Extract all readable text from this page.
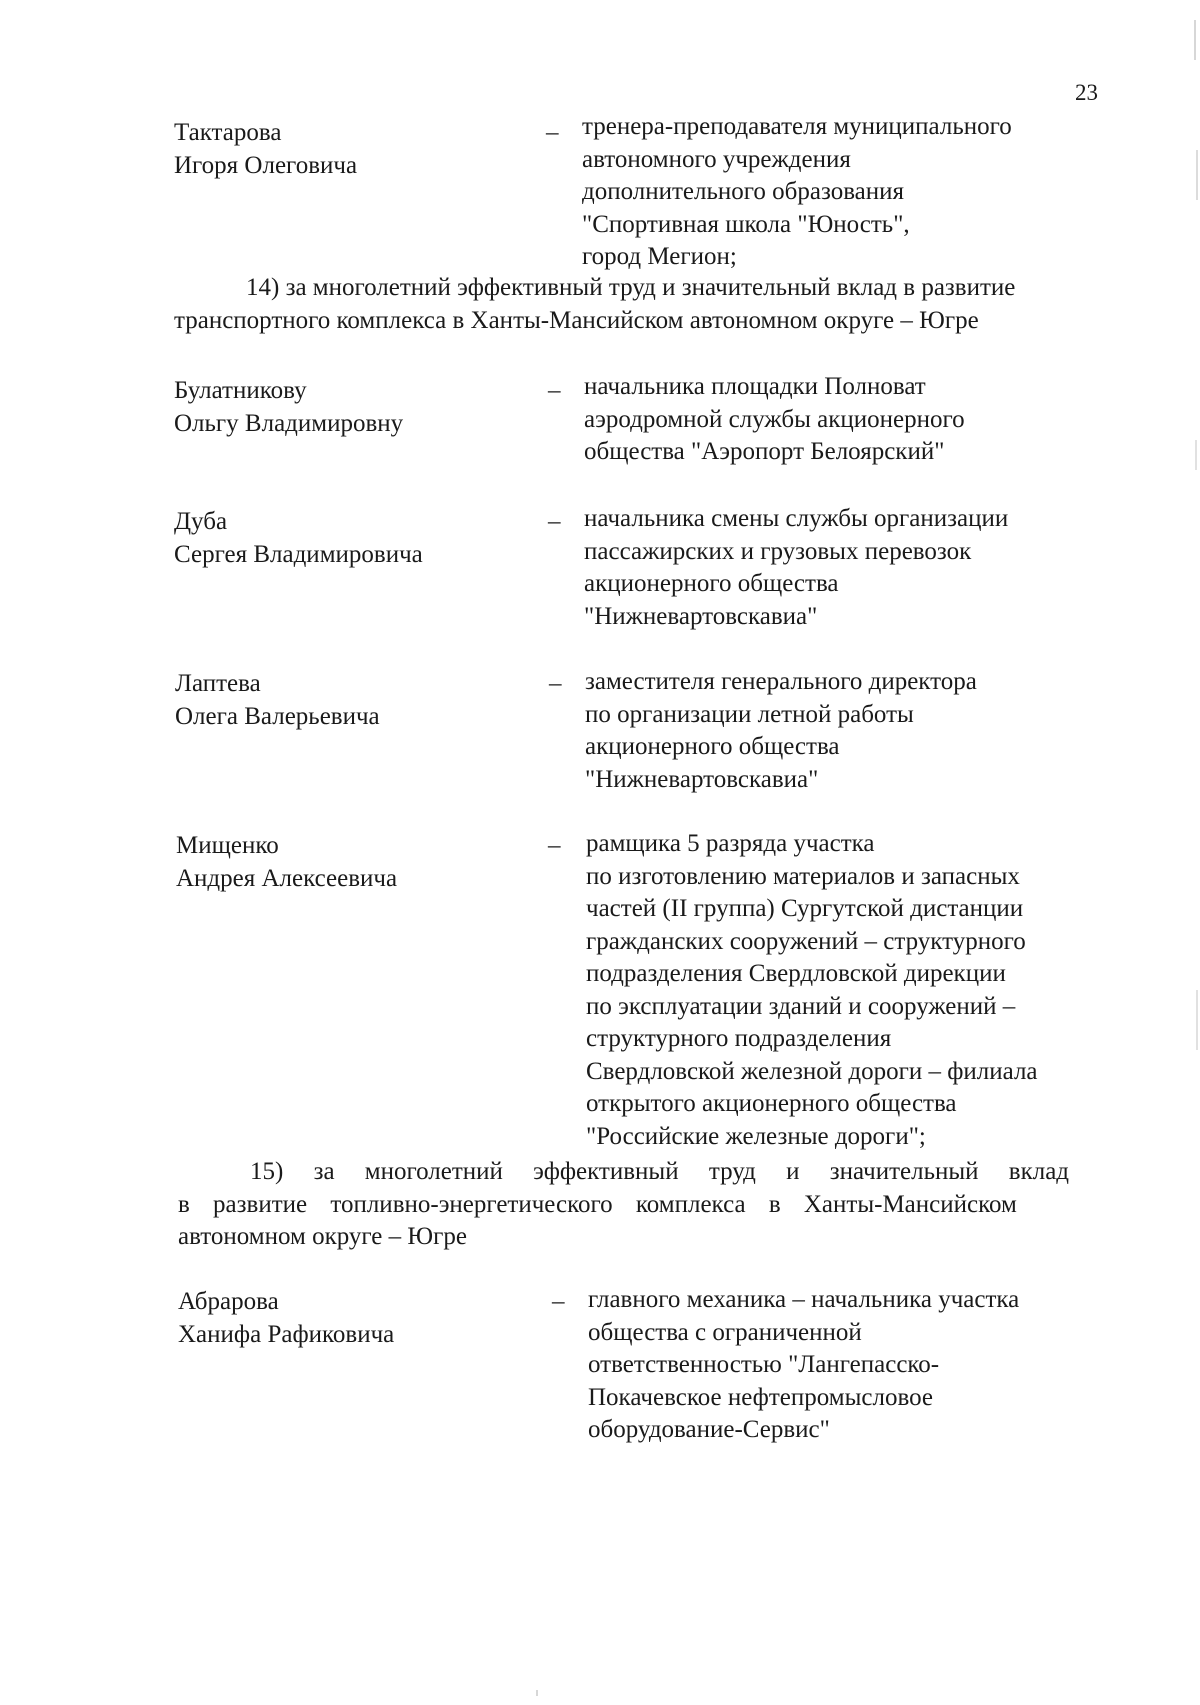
23
Тактарова
Игоря Олеговича
– тренера-преподавателя муниципального
автономного учреждения
дополнительного образования
"Спортивная школа "Юность",
город Мегион;
14) за многолетний эффективный труд и значительный вклад в развитие
транспортного комплекса в Ханты-Мансийском автономном округе – Югре
Булатникову
Ольгу Владимировну
– начальника площадки Полноват
аэродромной службы акционерного
общества "Аэропорт Белоярский"
Дуба
Сергея Владимировича
– начальника смены службы организации
пассажирских и грузовых перевозок
акционерного общества
"Нижневартовскавиа"
Лаптева
Олега Валерьевича
– заместителя генерального директора
по организации летной работы
акционерного общества
"Нижневартовскавиа"
Мищенко
Андрея Алексеевича
– рамщика 5 разряда участка
по изготовлению материалов и запасных
частей (II группа) Сургутской дистанции
гражданских сооружений – структурного
подразделения Свердловской дирекции
по эксплуатации зданий и сооружений –
структурного подразделения
Свердловской железной дороги – филиала
открытого акционерного общества
"Российские железные дороги";
15) за многолетний эффективный труд и значительный вклад
в развитие топливно-энергетического комплекса в Ханты-Мансийском
автономном округе – Югре
Абрарова
Ханифа Рафиковича
– главного механика – начальника участка
общества с ограниченной
ответственностью "Лангепасско-
Покачевское нефтепромысловое
оборудование-Сервис"
